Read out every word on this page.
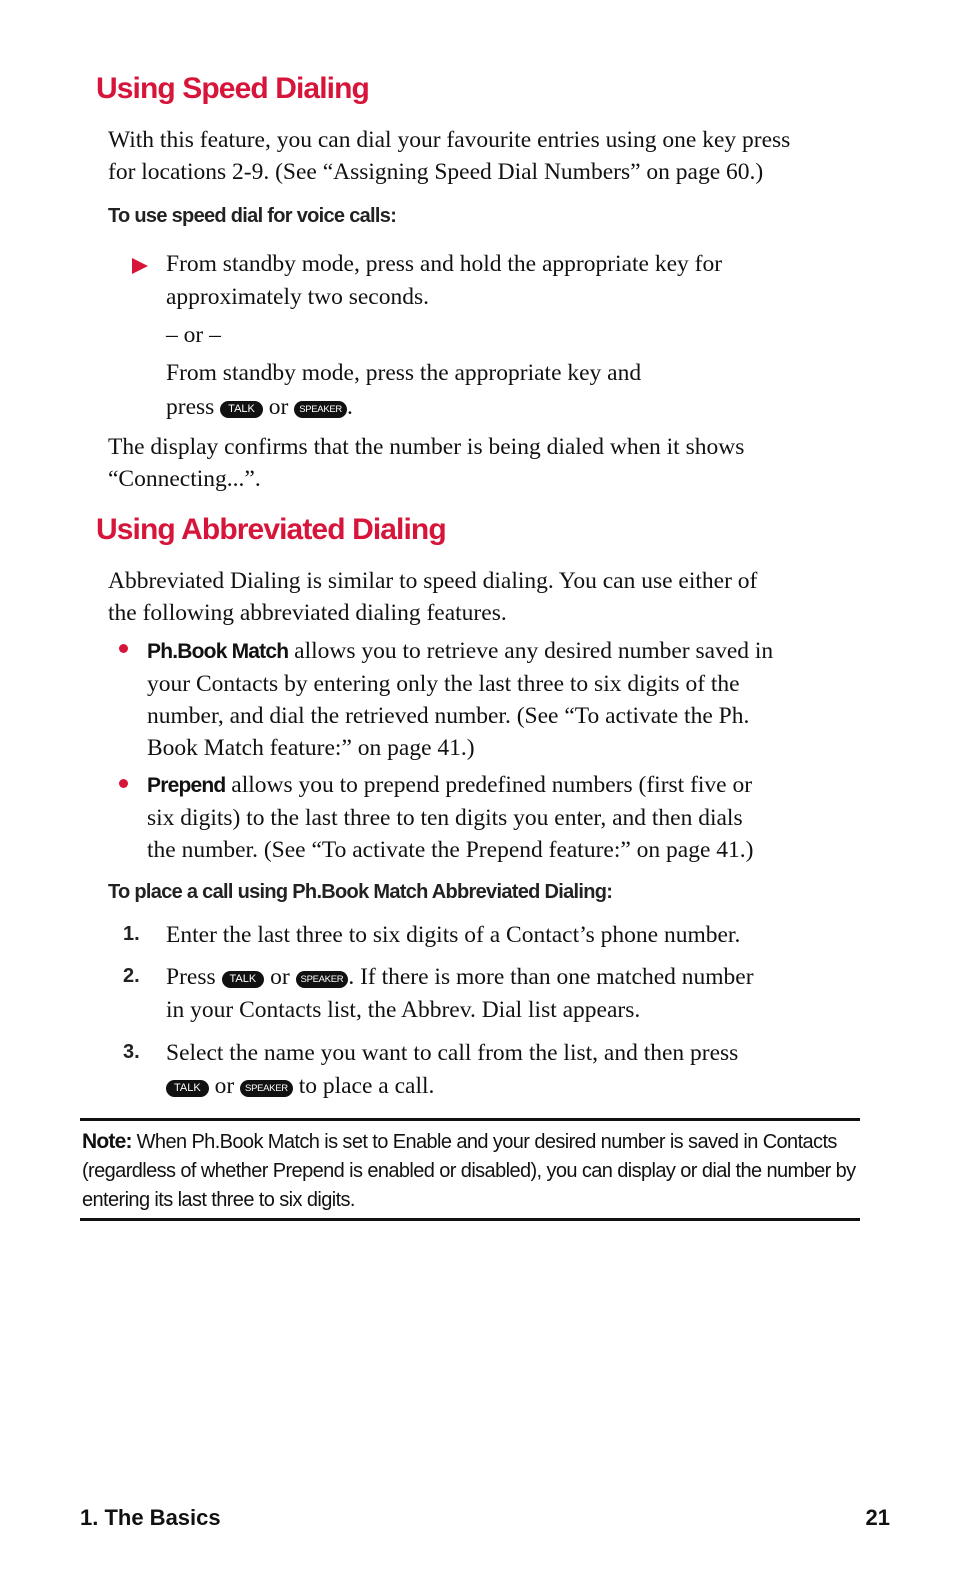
Using Speed Dialing

With this feature, you can dial your favourite entries using one key press
for locations 2-9. (See “Assigning Speed Dial Numbers” on page 60.)

To use speed dial for voice calls:

From standby mode, press and hold the appropriate key for
approximately two seconds.

– or –

From standby mode, press the appropriate key and
press TALK or SPEAKER .

The display confirms that the number is being dialed when it shows
“Connecting...”.

Using Abbreviated Dialing

Abbreviated Dialing is similar to speed dialing. You can use either of
the following abbreviated dialing features.

Ph.Book Match allows you to retrieve any desired number saved in
your Contacts by entering only the last three to six digits of the
number, and dial the retrieved number. (See “To activate the Ph.
Book Match feature:” on page 41.)

Prepend allows you to prepend predefined numbers (first five or
six digits) to the last three to ten digits you enter, and then dials
the number. (See “To activate the Prepend feature:” on page 41.)

To place a call using Ph.Book Match Abbreviated Dialing:

1. Enter the last three to six digits of a Contact’s phone number.

2. Press TALK or SPEAKER . If there is more than one matched number
in your Contacts list, the Abbrev. Dial list appears.

3. Select the name you want to call from the list, and then press
TALK or SPEAKER to place a call.

Note: When Ph.Book Match is set to Enable and your desired number is saved in Contacts (regardless of whether Prepend is enabled or disabled), you can display or dial the number by entering its last three to six digits.

1. The Basics	21
